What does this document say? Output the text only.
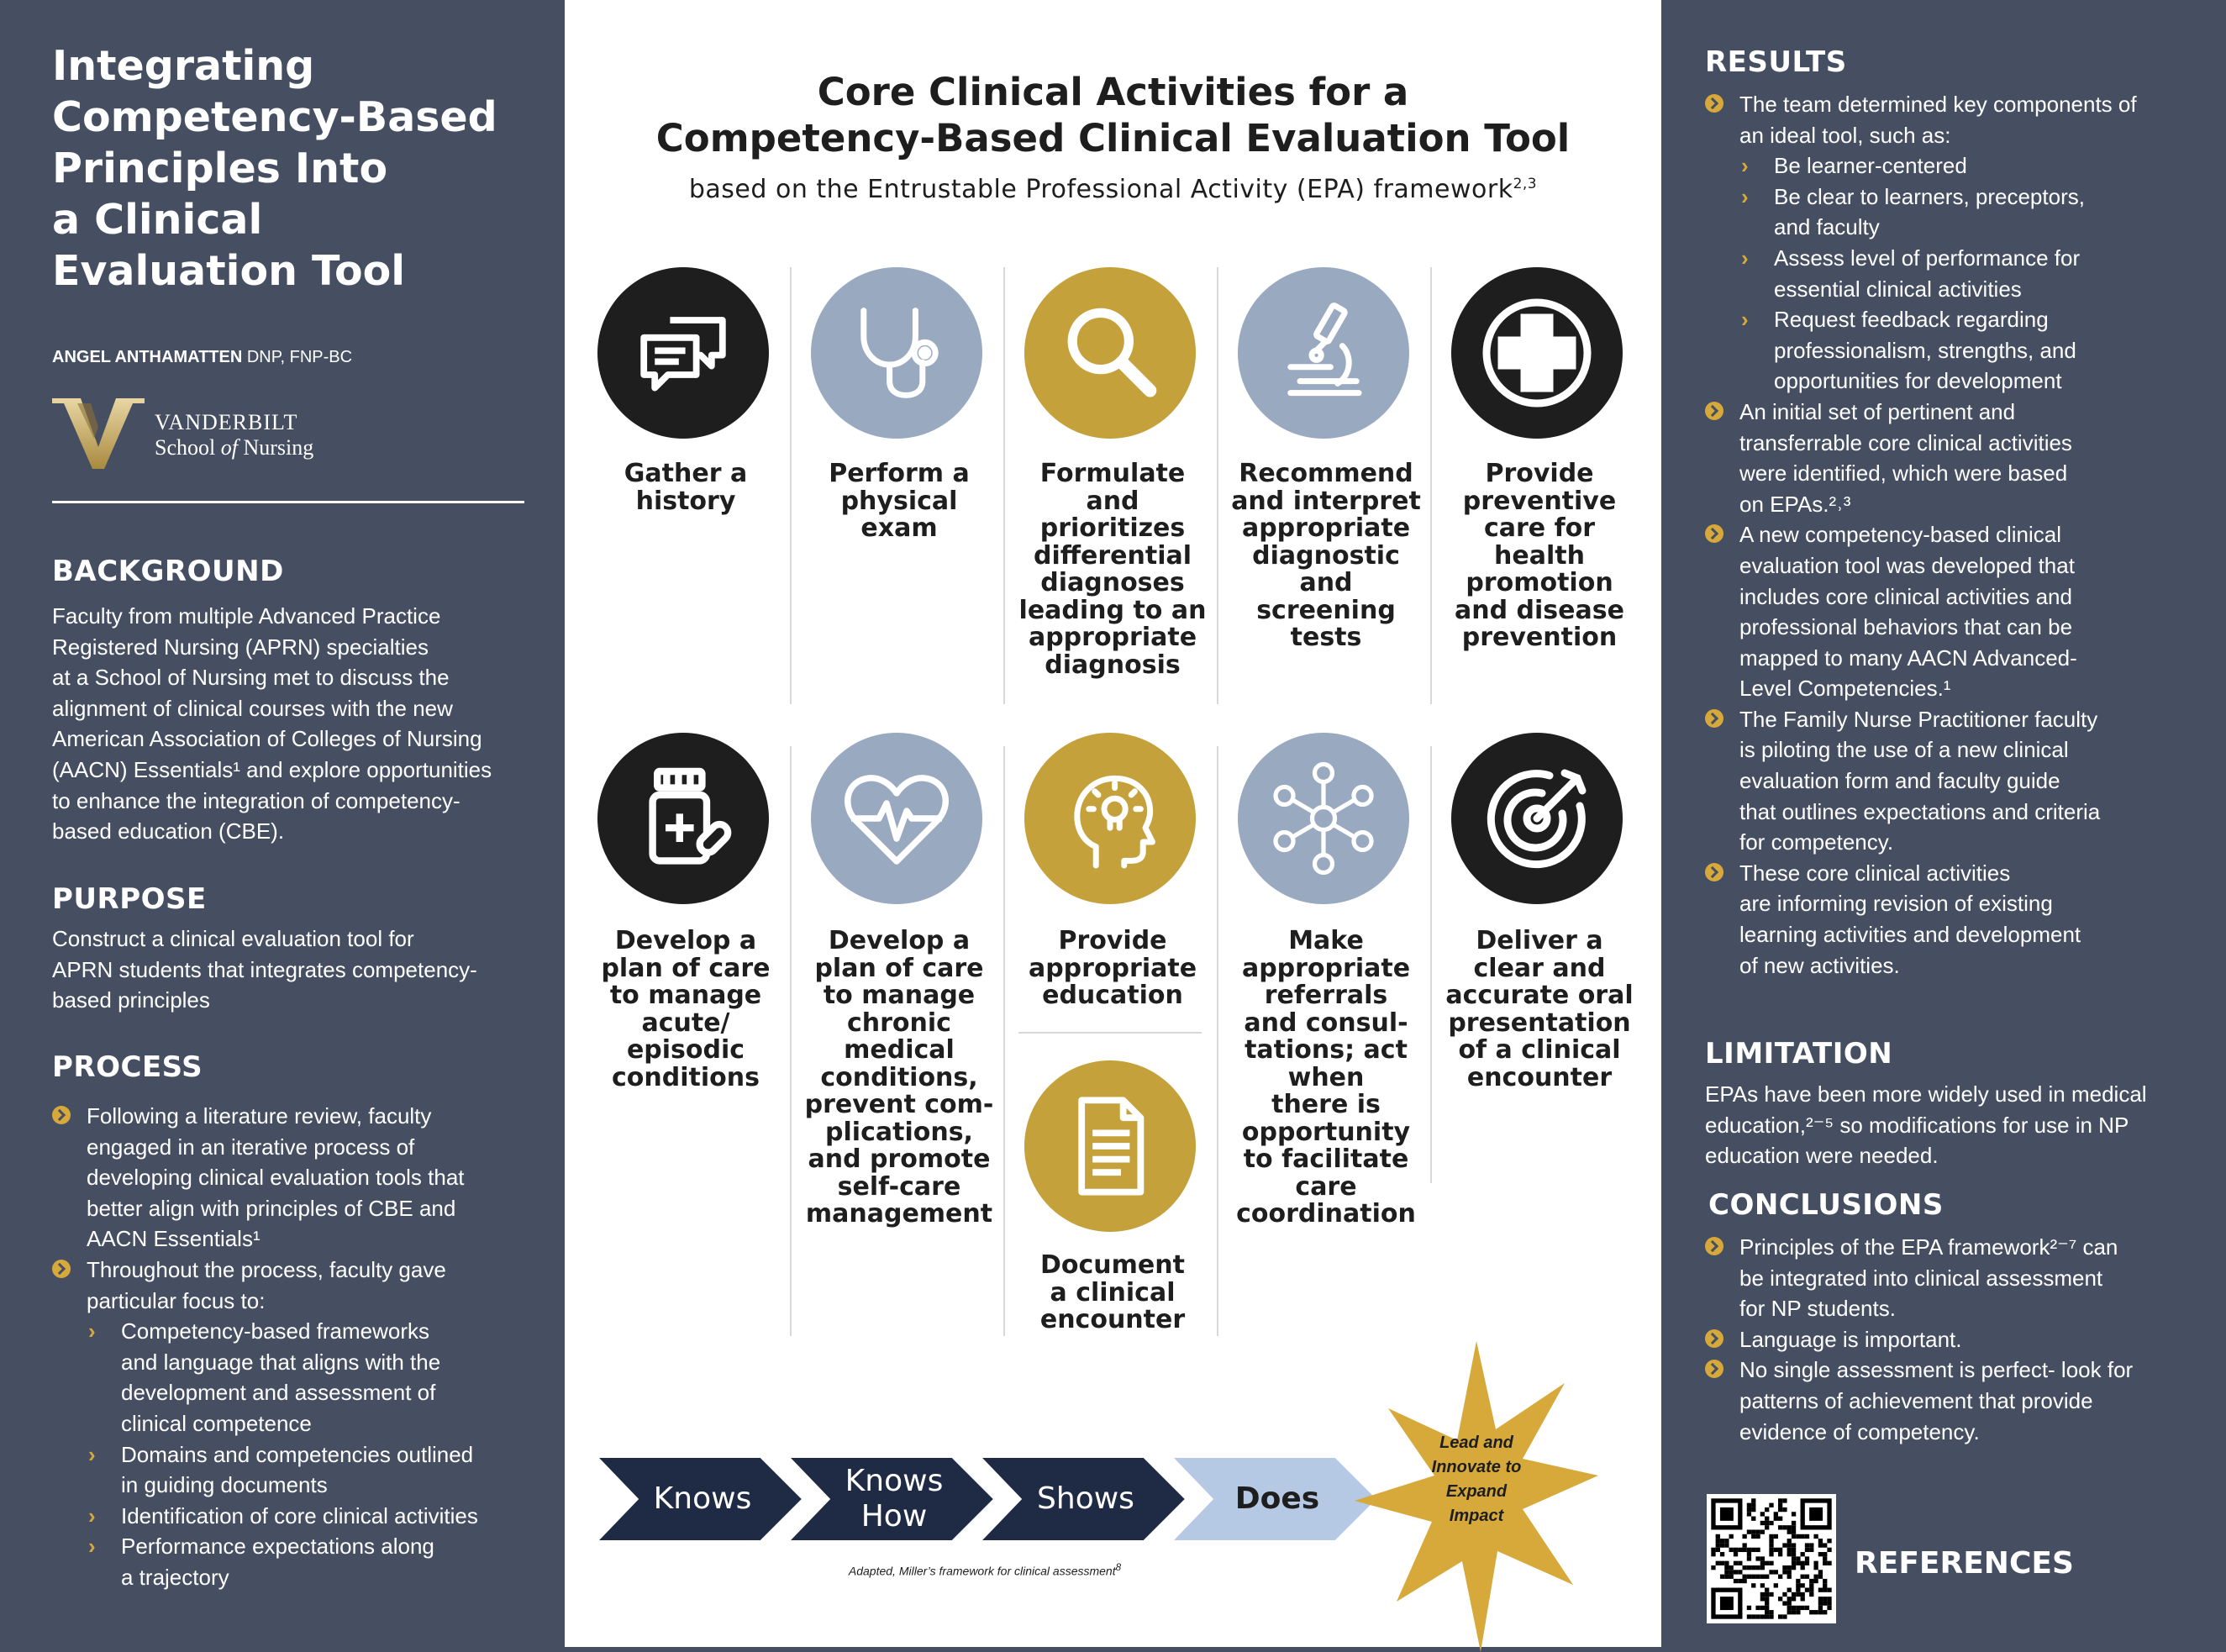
Integrating
Competency-Based
Principles Into
a Clinical
Evaluation Tool
ANGEL ANTHAMATTEN DNP, FNP-BC
VANDERBILT
School of Nursing
BACKGROUND
Faculty from multiple Advanced Practice
Registered Nursing (APRN) specialties
at a School of Nursing met to discuss the
alignment of clinical courses with the new
American Association of Colleges of Nursing
(AACN) Essentials¹ and explore opportunities
to enhance the integration of competency-
based education (CBE).
PURPOSE
Construct a clinical evaluation tool for
APRN students that integrates competency-
based principles
PROCESS
Following a literature review, faculty
engaged in an iterative process of
developing clinical evaluation tools that
better align with principles of CBE and
AACN Essentials¹
Throughout the process, faculty gave
particular focus to:
› Competency-based frameworks
and language that aligns with the
development and assessment of
clinical competence
› Domains and competencies outlined
in guiding documents
› Identification of core clinical activities
› Performance expectations along
a trajectory
Core Clinical Activities for a
Competency-Based Clinical Evaluation Tool
based on the Entrustable Professional Activity (EPA) framework$^{2,3}$
Gather a
history
Perform a
physical
exam
Formulate
and
prioritizes
differential
diagnoses
leading to an
appropriate
diagnosis
Recommend
and interpret
appropriate
diagnostic
and
screening
tests
Provide
preventive
care for
health
promotion
and disease
prevention
Develop a
plan of care
to manage
acute/
episodic
conditions
Develop a
plan of care
to manage
chronic
medical
conditions,
prevent com-
plications,
and promote
self-care
management
Provide
appropriate
education
Make
appropriate
referrals
and consul-
tations; act
when
there is
opportunity
to facilitate
care
coordination
Deliver a
clear and
accurate oral
presentation
of a clinical
encounter
Document
a clinical
encounter
Knows
Knows
How
Shows	Does
Adapted, Miller’s framework for clinical assessment$^8$
Lead and
Innovate to
Expand
Impact
RESULTS
The team determined key components of
an ideal tool, such as:
› Be learner-centered
› Be clear to learners, preceptors,
and faculty
› Assess level of performance for
essential clinical activities
› Request feedback regarding
professionalism, strengths, and
opportunities for development
An initial set of pertinent and
transferrable core clinical activities
were identified, which were based
on EPAs.²˒³
A new competency-based clinical
evaluation tool was developed that
includes core clinical activities and
professional behaviors that can be
mapped to many AACN Advanced-
Level Competencies.¹
The Family Nurse Practitioner faculty
is piloting the use of a new clinical
evaluation form and faculty guide
that outlines expectations and criteria
for competency.
These core clinical activities
are informing revision of existing
learning activities and development
of new activities.
LIMITATION
EPAs have been more widely used in medical
education,²⁻⁵ so modifications for use in NP
education were needed.
CONCLUSIONS
Principles of the EPA framework²⁻⁷ can
be integrated into clinical assessment
for NP students.
Language is important.
No single assessment is perfect- look for
patterns of achievement that provide
evidence of competency.
REFERENCES
